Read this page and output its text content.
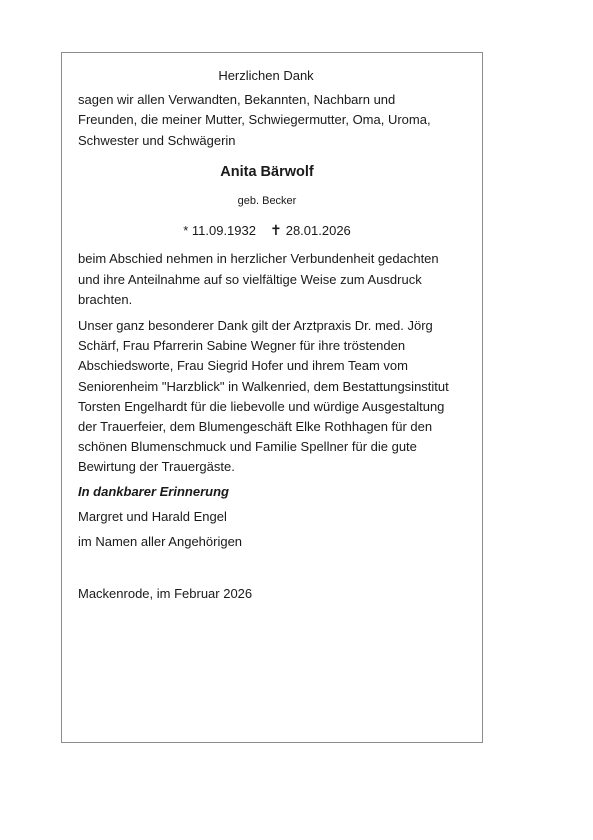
Herzlichen Dank

sagen wir allen Verwandten, Bekannten, Nachbarn und

Freunden, die meiner Mutter, Schwiegermutter, Oma, Uroma,

Schwester und Schwägerin

Anita Bärwolf
geb. Becker
* 11.09.1932 ✝ 28.01.2026

beim Abschied nehmen in herzlicher Verbundenheit gedachten

und ihre Anteilnahme auf so vielfältige Weise zum Ausdruck

brachten.

Unser ganz besonderer Dank gilt der Arztpraxis Dr. med. Jörg

Schärf, Frau Pfarrerin Sabine Wegner für ihre tröstenden

Abschiedsworte, Frau Siegrid Hofer und ihrem Team vom

Seniorenheim "Harzblick" in Walkenried, dem Bestattungsinstitut

Torsten Engelhardt für die liebevolle und würdige Ausgestaltung

der Trauerfeier, dem Blumengeschäft Elke Rothhagen für den

schönen Blumenschmuck und Familie Spellner für die gute

Bewirtung der Trauergäste.

In dankbarer Erinnerung

Margret und Harald Engel

im Namen aller Angehörigen

Mackenrode, im Februar 2026
